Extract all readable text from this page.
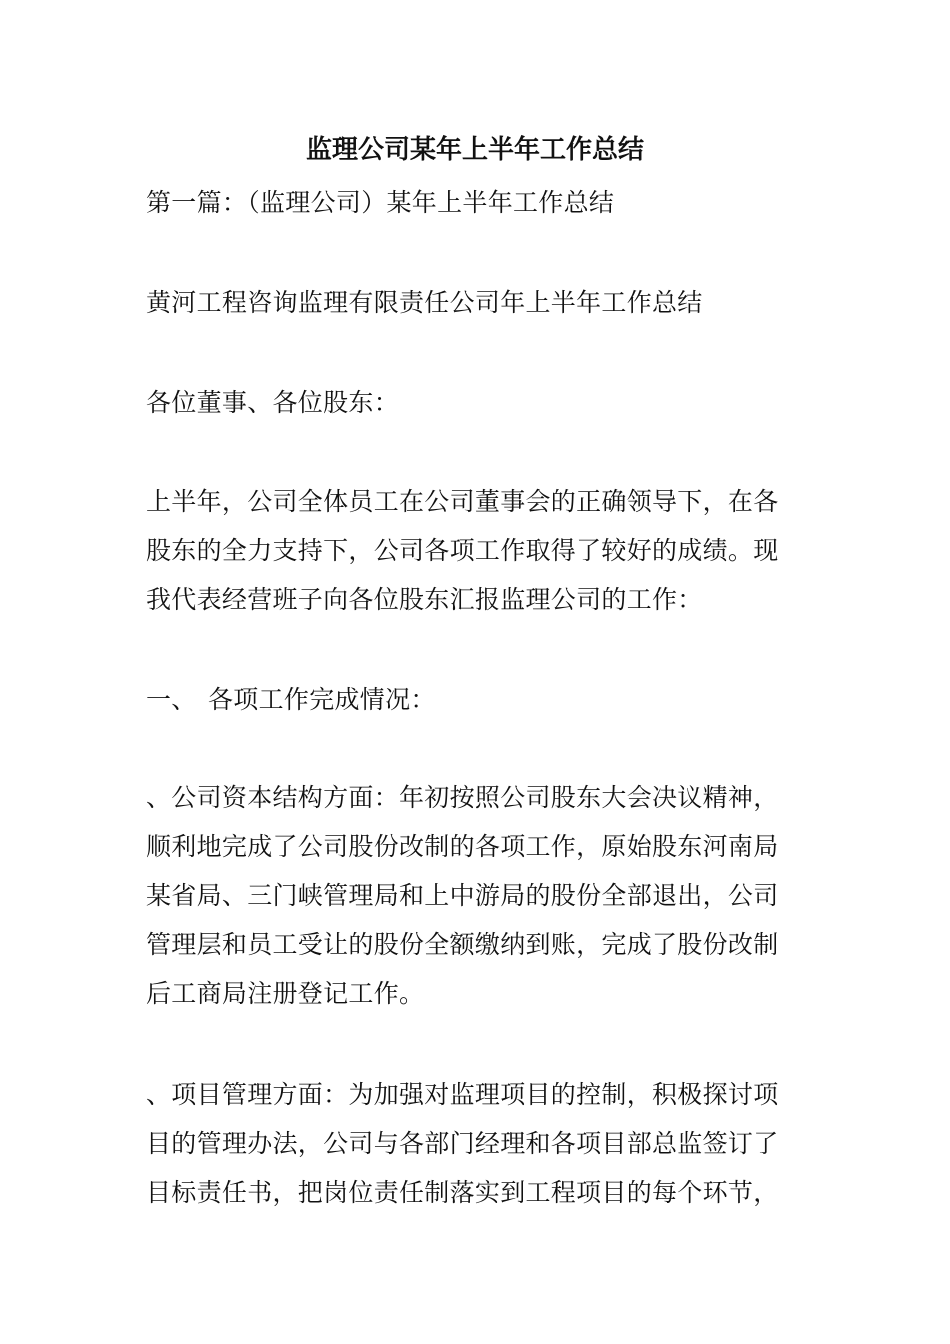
监理公司某年上半年工作总结

第一篇：（监理公司）某年上半年工作总结

黄河工程咨询监理有限责任公司年上半年工作总结

各位董事、各位股东：

上半年，公司全体员工在公司董事会的正确领导下，在各
股东的全力支持下，公司各项工作取得了较好的成绩。现
我代表经营班子向各位股东汇报监理公司的工作：

一、 各项工作完成情况：

、公司资本结构方面：年初按照公司股东大会决议精神，
顺利地完成了公司股份改制的各项工作，原始股东河南局
某省局、三门峡管理局和上中游局的股份全部退出，公司
管理层和员工受让的股份全额缴纳到账，完成了股份改制
后工商局注册登记工作。

、项目管理方面：为加强对监理项目的控制，积极探讨项
目的管理办法，公司与各部门经理和各项目部总监签订了
目标责任书，把岗位责任制落实到工程项目的每个环节，
